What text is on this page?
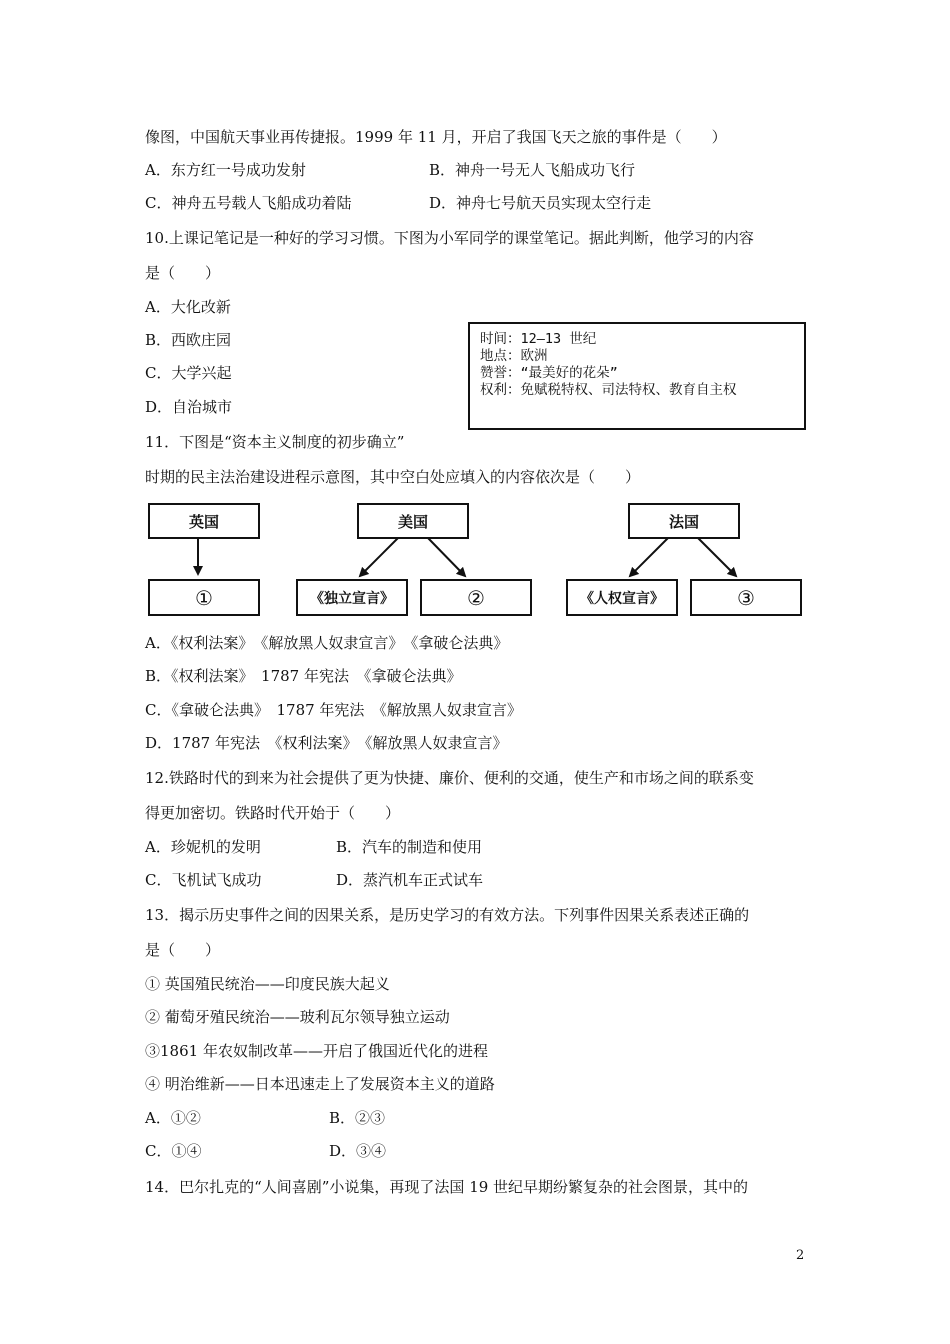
像图，中国航天事业再传捷报。1999 年 11 月，开启了我国飞天之旅的事件是（　　）
A．东方红一号成功发射	B．神舟一号无人飞船成功飞行
C．神舟五号载人飞船成功着陆	D．神舟七号航天员实现太空行走
10.上课记笔记是一种好的学习习惯。下图为小军同学的课堂笔记。据此判断，他学习的内容
是（　　）
A．大化改新
B．西欧庄园
C．大学兴起
D．自治城市
时间：12—13 世纪
地点：欧洲
赞誉：“最美好的花朵”
权利：免赋税特权、司法特权、教育自主权
11．下图是“资本主义制度的初步确立”
时期的民主法治建设进程示意图，其中空白处应填入的内容依次是（　　）
英国	美国	法国
①	《独立宣言》	②	《人权宣言》	③
A．《权利法案》　《解放黑人奴隶宣言》　《拿破仑法典》
B．《权利法案》　1787 年宪法　《拿破仑法典》
C．《拿破仑法典》　1787 年宪法　《解放黑人奴隶宣言》
D．1787 年宪法　《权利法案》　《解放黑人奴隶宣言》
12.铁路时代的到来为社会提供了更为快捷、廉价、便利的交通，使生产和市场之间的联系变
得更加密切。铁路时代开始于（　　）
A．珍妮机的发明	B．汽车的制造和使用
C．飞机试飞成功	D．蒸汽机车正式试车
13．揭示历史事件之间的因果关系，是历史学习的有效方法。下列事件因果关系表述正确的
是（　　）
① 英国殖民统治——印度民族大起义
② 葡萄牙殖民统治——玻利瓦尔领导独立运动
③1861 年农奴制改革——开启了俄国近代化的进程
④ 明治维新——日本迅速走上了发展资本主义的道路
A．①②	B．②③
C．①④	D．③④
14．巴尔扎克的“人间喜剧”小说集，再现了法国 19 世纪早期纷繁复杂的社会图景，其中的
2
